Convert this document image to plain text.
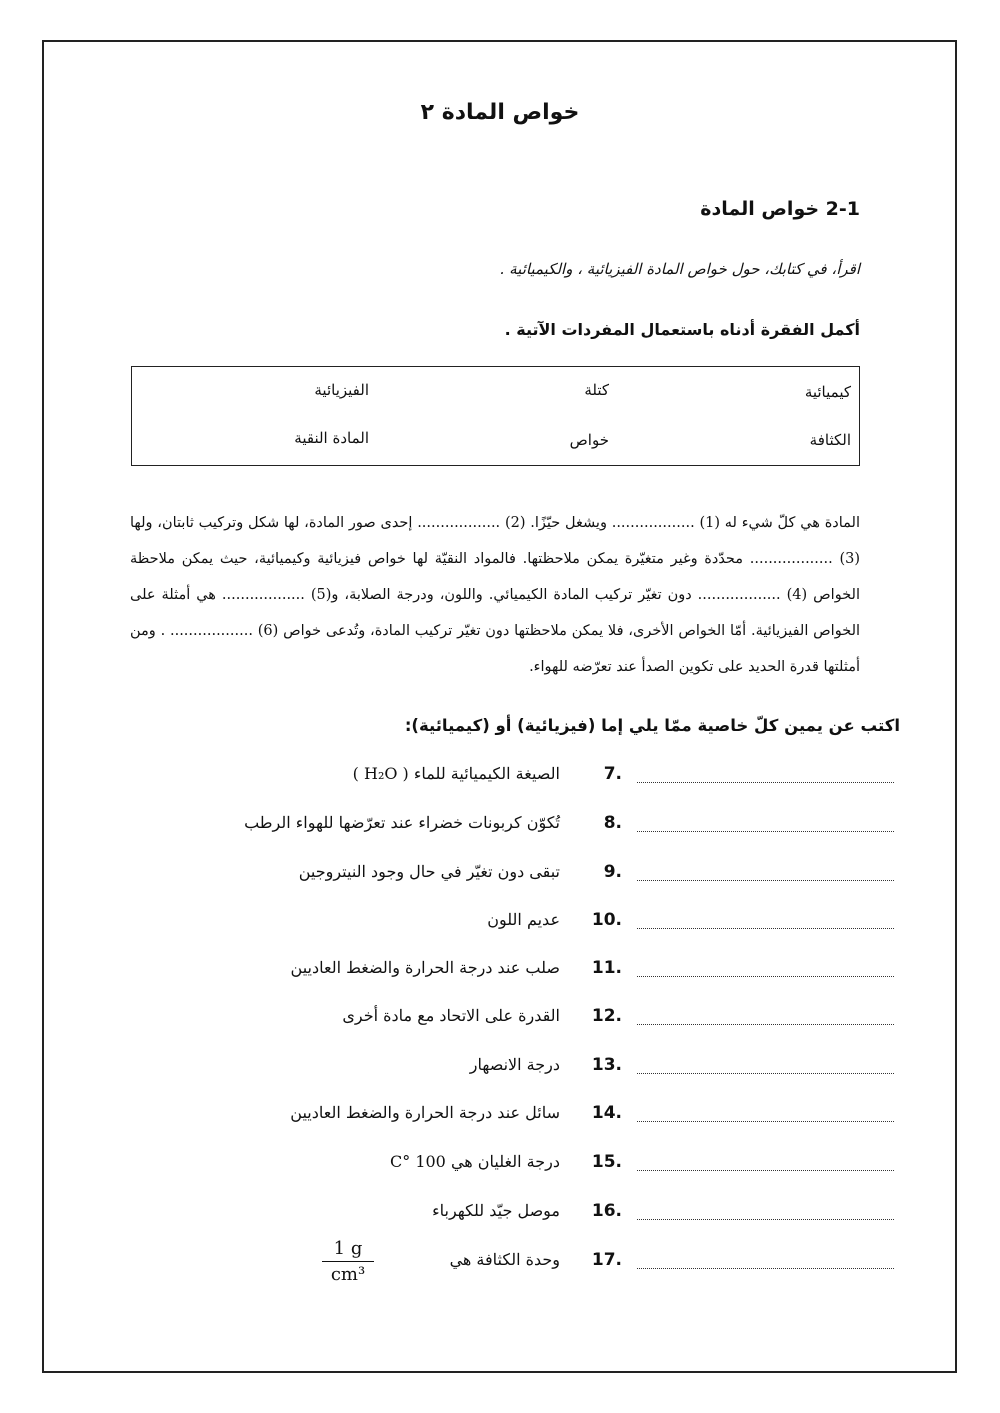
خواص المادة ٢
2-1 خواص المادة
اقرأ، في كتابك، حول خواص المادة الفيزيائية ، والكيميائية .
أكمل الفقرة أدناه باستعمال المفردات الآتية .
كيميائية
كتلة
الفيزيائية
الكثافة
خواص
المادة النقية
المادة هي كلّ شيء له (1) .................. ويشغل حيّزًا. (2) .................. إحدى صور المادة، لها شكل وتركيب ثابتان، ولها (3) .................. محدّدة وغير متغيّرة يمكن ملاحظتها. فالمواد النقيّة لها خواص فيزيائية وكيميائية، حيث يمكن ملاحظة الخواص (4) .................. دون تغيّر تركيب المادة الكيميائي. واللون، ودرجة الصلابة، و(5) .................. هي أمثلة على الخواص الفيزيائية. أمّا الخواص الأخرى، فلا يمكن ملاحظتها دون تغيّر تركيب المادة، وتُدعى خواص (6) .................. . ومن أمثلتها قدرة الحديد على تكوين الصدأ عند تعرّضه للهواء.
اكتب عن يمين كلّ خاصية ممّا يلي إما (فيزيائية) أو (كيميائية):
7.
الصيغة الكيميائية للماء ( H₂O )
8.
تُكوّن كربونات خضراء عند تعرّضها للهواء الرطب
9.
تبقى دون تغيّر في حال وجود النيتروجين
10.
عديم اللون
11.
صلب عند درجة الحرارة والضغط العاديين
12.
القدرة على الاتحاد مع مادة أخرى
13.
درجة الانصهار
14.
سائل عند درجة الحرارة والضغط العاديين
15.
درجة الغليان هي 100 °C
16.
موصل جيّد للكهرباء
17.
وحدة الكثافة هي
$\frac{1 g}{\text{cm³}}$
